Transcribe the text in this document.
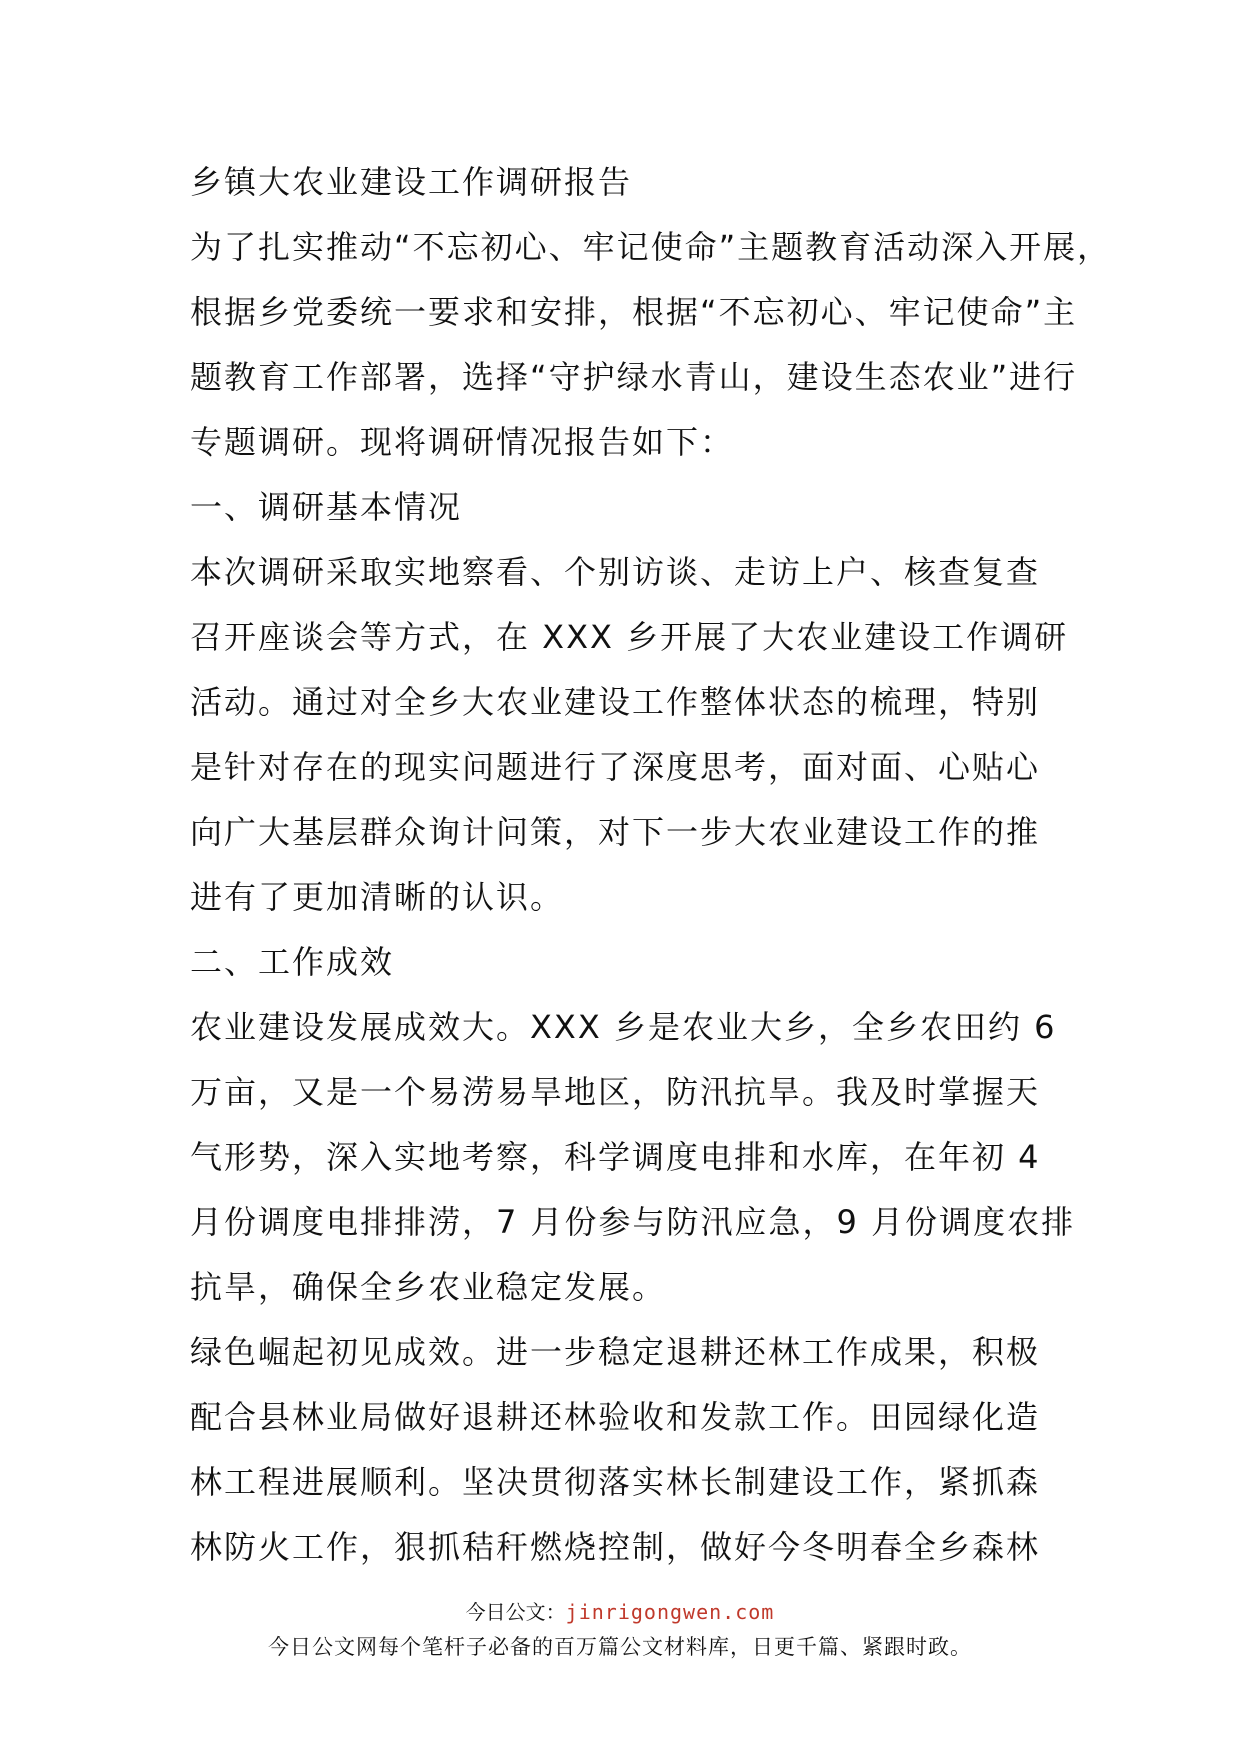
乡镇大农业建设工作调研报告
为了扎实推动“不忘初心、牢记使命”主题教育活动深入开展，
根据乡党委统一要求和安排，根据“不忘初心、牢记使命”主
题教育工作部署，选择“守护绿水青山，建设生态农业”进行
专题调研。现将调研情况报告如下：
一、调研基本情况
本次调研采取实地察看、个别访谈、走访上户、核查复查
召开座谈会等方式，在 XXX 乡开展了大农业建设工作调研
活动。通过对全乡大农业建设工作整体状态的梳理，特别
是针对存在的现实问题进行了深度思考，面对面、心贴心
向广大基层群众询计问策，对下一步大农业建设工作的推
进有了更加清晰的认识。
二、工作成效
农业建设发展成效大。XXX 乡是农业大乡，全乡农田约 6
万亩，又是一个易涝易旱地区，防汛抗旱。我及时掌握天
气形势，深入实地考察，科学调度电排和水库，在年初 4
月份调度电排排涝，7 月份参与防汛应急，9 月份调度农排
抗旱，确保全乡农业稳定发展。
绿色崛起初见成效。进一步稳定退耕还林工作成果，积极
配合县林业局做好退耕还林验收和发款工作。田园绿化造
林工程进展顺利。坚决贯彻落实林长制建设工作，紧抓森
林防火工作，狠抓秸秆燃烧控制，做好今冬明春全乡森林
今日公文：jinrigongwen.com
今日公文网每个笔杆子必备的百万篇公文材料库，日更千篇、紧跟时政。
